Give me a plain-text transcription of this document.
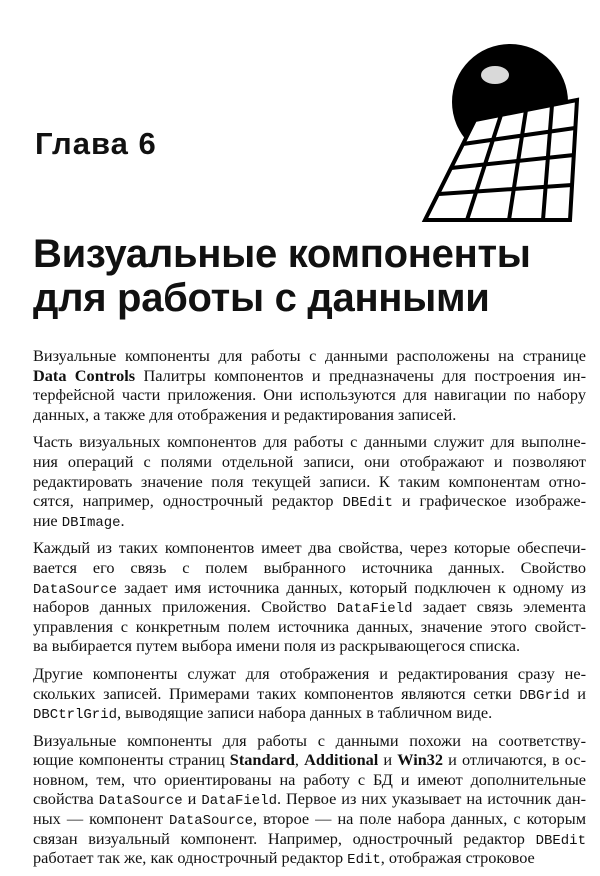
Глава 6
Визуальные компоненты
для работы с данными
Визуальные компоненты для работы с данными расположены на странице
Data Controls Палитры компонентов и предназначены для построения ин-
терфейсной части приложения. Они используются для навигации по набору
данных, а также для отображения и редактирования записей.
Часть визуальных компонентов для работы с данными служит для выполне-
ния операций с полями отдельной записи, они отображают и позволяют
редактировать значение поля текущей записи. К таким компонентам отно-
сятся, например, однострочный редактор DBEdit и графическое изображе-
ние DBImage.
Каждый из таких компонентов имеет два свойства, через которые обеспечи-
вается его связь с полем выбранного источника данных. Свойство
DataSource задает имя источника данных, который подключен к одному из
наборов данных приложения. Свойство DataField задает связь элемента
управления с конкретным полем источника данных, значение этого свойст-
ва выбирается путем выбора имени поля из раскрывающегося списка.
Другие компоненты служат для отображения и редактирования сразу не-
скольких записей. Примерами таких компонентов являются сетки DBGrid и
DBCtrlGrid, выводящие записи набора данных в табличном виде.
Визуальные компоненты для работы с данными похожи на соответству-
ющие компоненты страниц Standard, Additional и Win32 и отличаются, в ос-
новном, тем, что ориентированы на работу с БД и имеют дополнительные
свойства DataSource и DataField. Первое из них указывает на источник дан-
ных — компонент DataSource, второе — на поле набора данных, с которым
связан визуальный компонент. Например, однострочный редактор DBEdit
работает так же, как однострочный редактор Edit, отображая строковое
